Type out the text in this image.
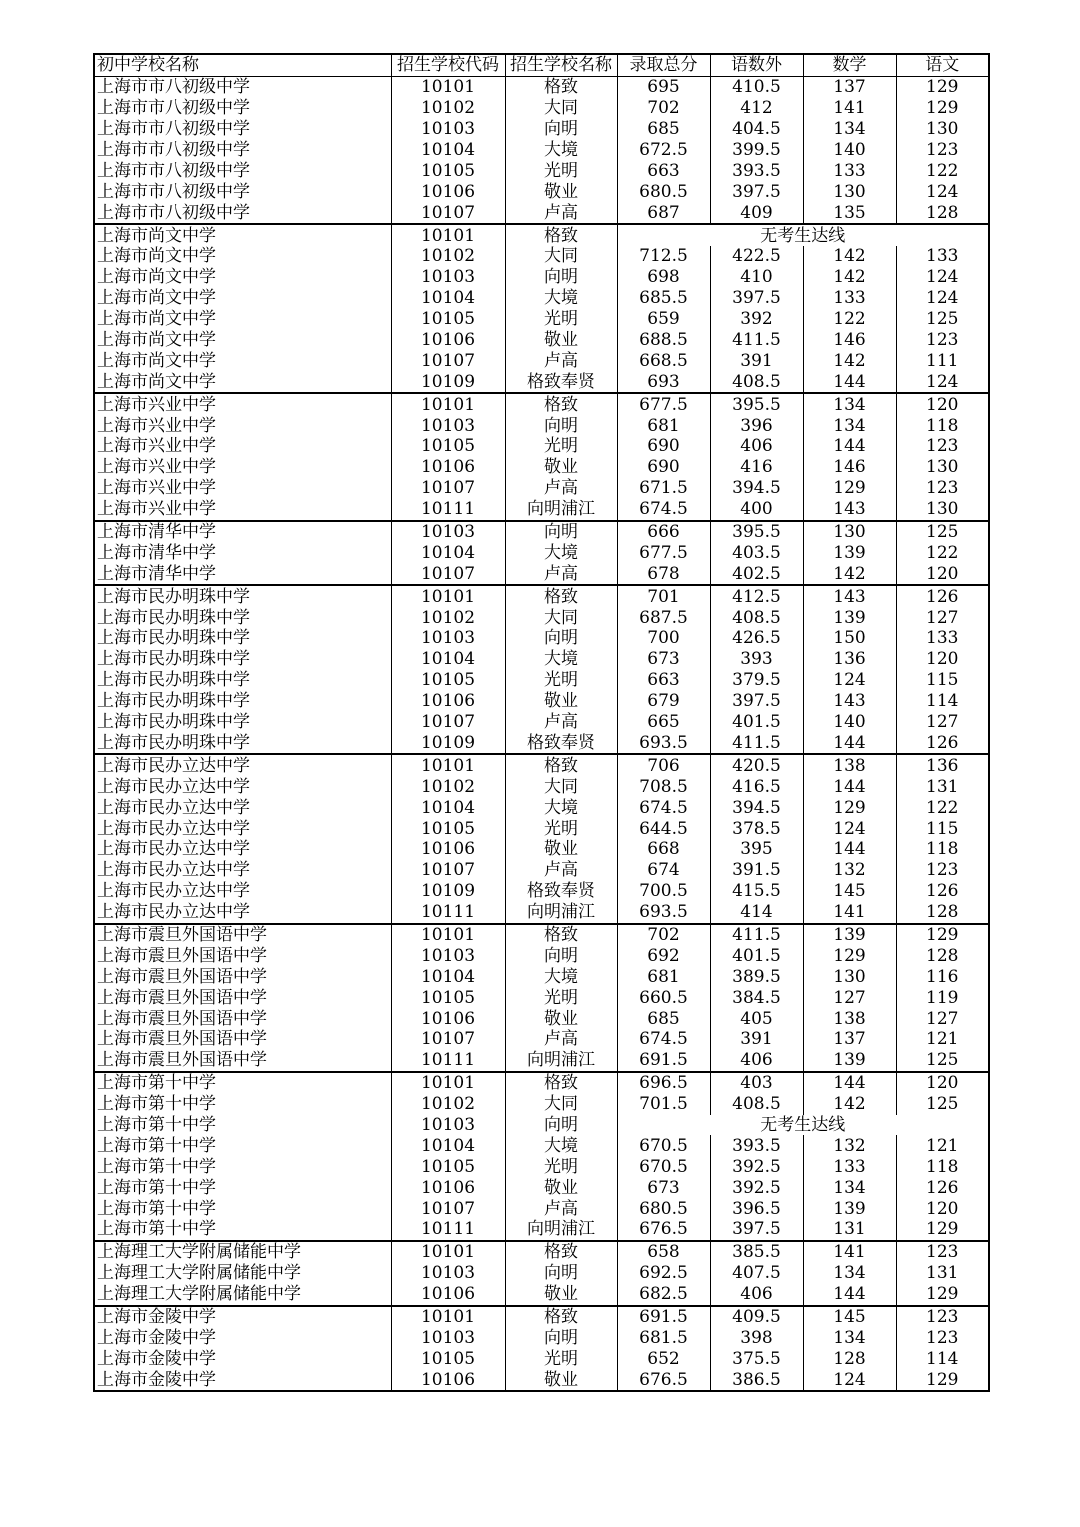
初中学校名称	招生学校代码	招生学校名称	录取总分	语数外	数学	语文
上海市市八初级中学	10101	格致	695	410.5	137	129
上海市市八初级中学	10102	大同	702	412	141	129
上海市市八初级中学	10103	向明	685	404.5	134	130
上海市市八初级中学	10104	大境	672.5	399.5	140	123
上海市市八初级中学	10105	光明	663	393.5	133	122
上海市市八初级中学	10106	敬业	680.5	397.5	130	124
上海市市八初级中学	10107	卢高	687	409	135	128
上海市尚文中学	10101	格致	无考生达线			
上海市尚文中学	10102	大同	712.5	422.5	142	133
上海市尚文中学	10103	向明	698	410	142	124
上海市尚文中学	10104	大境	685.5	397.5	133	124
上海市尚文中学	10105	光明	659	392	122	125
上海市尚文中学	10106	敬业	688.5	411.5	146	123
上海市尚文中学	10107	卢高	668.5	391	142	111
上海市尚文中学	10109	格致奉贤	693	408.5	144	124
上海市兴业中学	10101	格致	677.5	395.5	134	120
上海市兴业中学	10103	向明	681	396	134	118
上海市兴业中学	10105	光明	690	406	144	123
上海市兴业中学	10106	敬业	690	416	146	130
上海市兴业中学	10107	卢高	671.5	394.5	129	123
上海市兴业中学	10111	向明浦江	674.5	400	143	130
上海市清华中学	10103	向明	666	395.5	130	125
上海市清华中学	10104	大境	677.5	403.5	139	122
上海市清华中学	10107	卢高	678	402.5	142	120
上海市民办明珠中学	10101	格致	701	412.5	143	126
上海市民办明珠中学	10102	大同	687.5	408.5	139	127
上海市民办明珠中学	10103	向明	700	426.5	150	133
上海市民办明珠中学	10104	大境	673	393	136	120
上海市民办明珠中学	10105	光明	663	379.5	124	115
上海市民办明珠中学	10106	敬业	679	397.5	143	114
上海市民办明珠中学	10107	卢高	665	401.5	140	127
上海市民办明珠中学	10109	格致奉贤	693.5	411.5	144	126
上海市民办立达中学	10101	格致	706	420.5	138	136
上海市民办立达中学	10102	大同	708.5	416.5	144	131
上海市民办立达中学	10104	大境	674.5	394.5	129	122
上海市民办立达中学	10105	光明	644.5	378.5	124	115
上海市民办立达中学	10106	敬业	668	395	144	118
上海市民办立达中学	10107	卢高	674	391.5	132	123
上海市民办立达中学	10109	格致奉贤	700.5	415.5	145	126
上海市民办立达中学	10111	向明浦江	693.5	414	141	128
上海市震旦外国语中学	10101	格致	702	411.5	139	129
上海市震旦外国语中学	10103	向明	692	401.5	129	128
上海市震旦外国语中学	10104	大境	681	389.5	130	116
上海市震旦外国语中学	10105	光明	660.5	384.5	127	119
上海市震旦外国语中学	10106	敬业	685	405	138	127
上海市震旦外国语中学	10107	卢高	674.5	391	137	121
上海市震旦外国语中学	10111	向明浦江	691.5	406	139	125
上海市第十中学	10101	格致	696.5	403	144	120
上海市第十中学	10102	大同	701.5	408.5	142	125
上海市第十中学	10103	向明	无考生达线			
上海市第十中学	10104	大境	670.5	393.5	132	121
上海市第十中学	10105	光明	670.5	392.5	133	118
上海市第十中学	10106	敬业	673	392.5	134	126
上海市第十中学	10107	卢高	680.5	396.5	139	120
上海市第十中学	10111	向明浦江	676.5	397.5	131	129
上海理工大学附属储能中学	10101	格致	658	385.5	141	123
上海理工大学附属储能中学	10103	向明	692.5	407.5	134	131
上海理工大学附属储能中学	10106	敬业	682.5	406	144	129
上海市金陵中学	10101	格致	691.5	409.5	145	123
上海市金陵中学	10103	向明	681.5	398	134	123
上海市金陵中学	10105	光明	652	375.5	128	114
上海市金陵中学	10106	敬业	676.5	386.5	124	129
